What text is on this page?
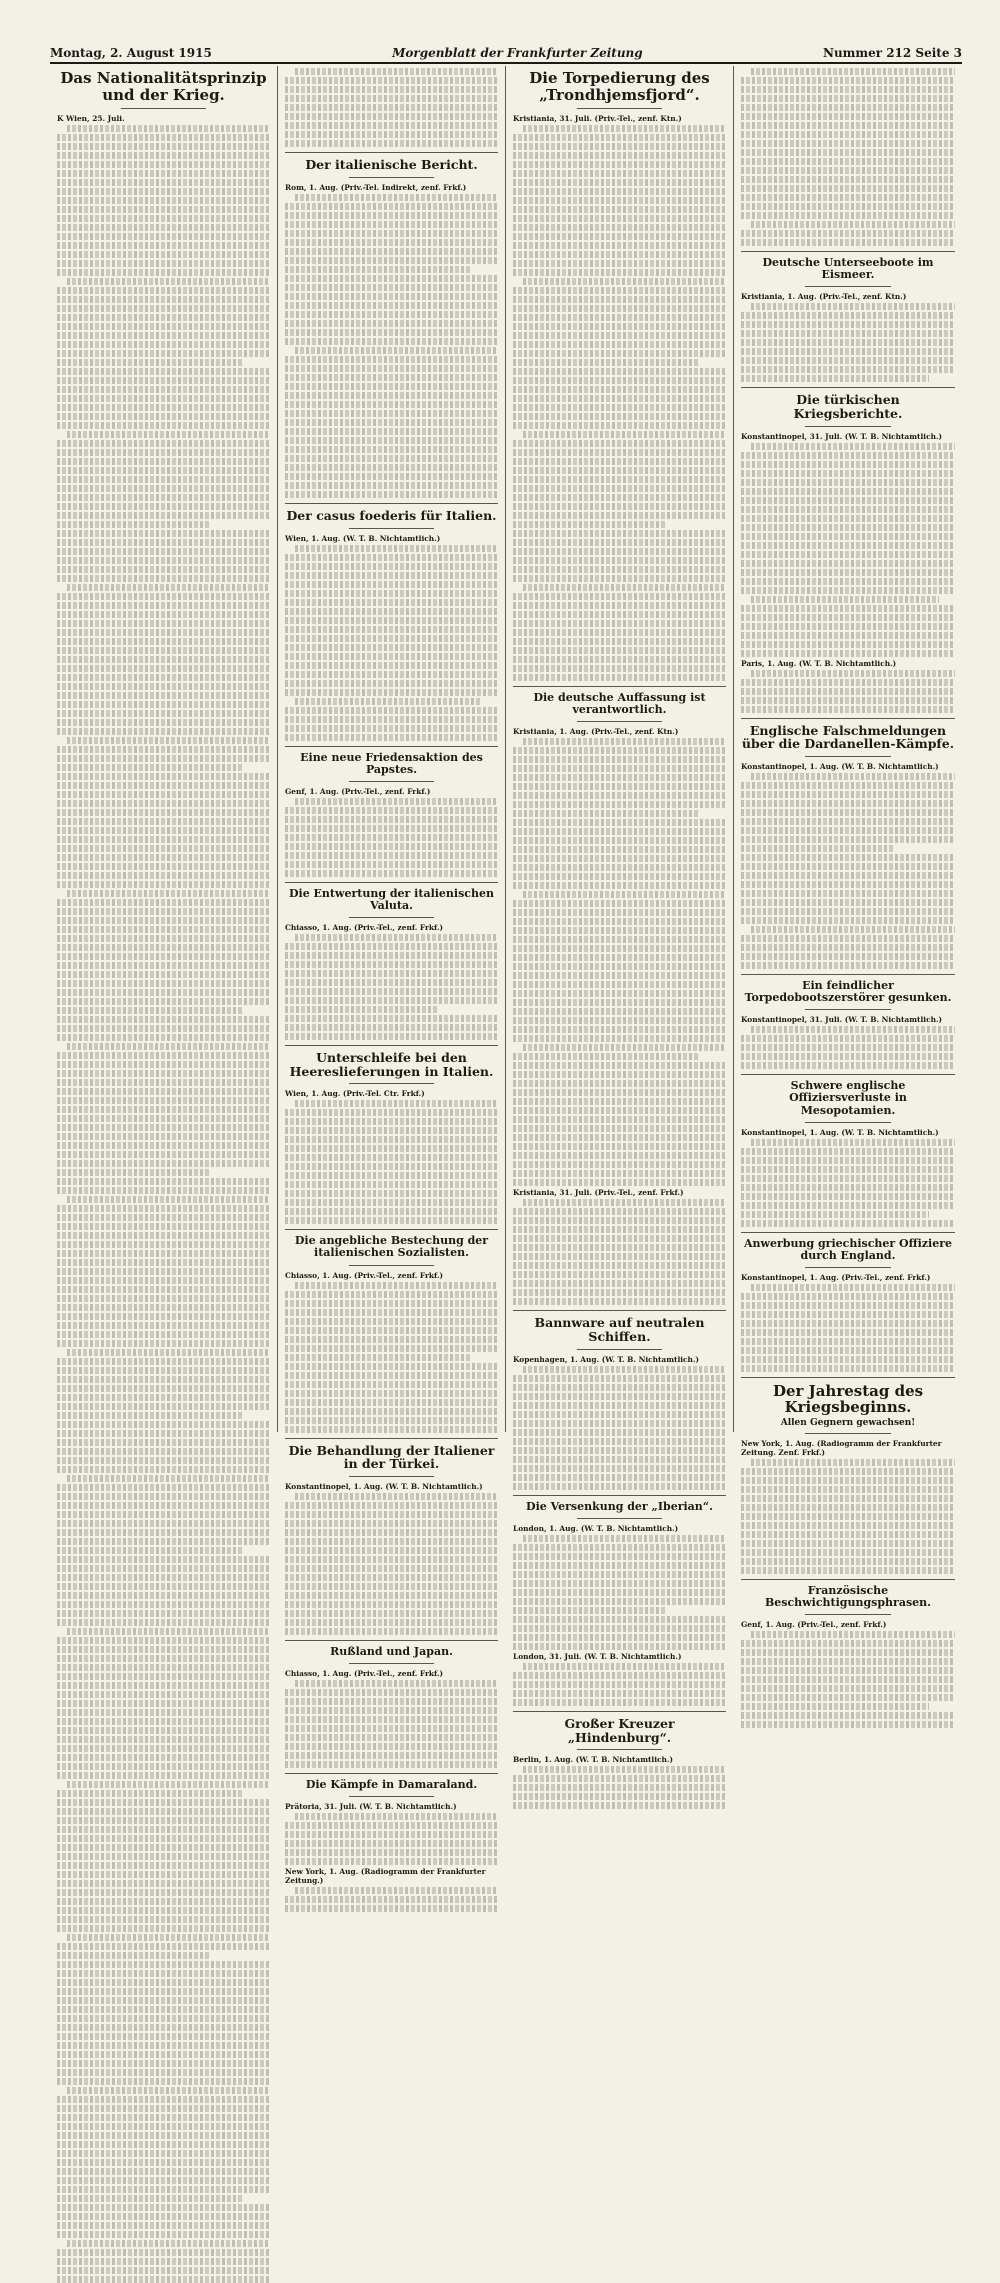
Montag, 2. August 1915	Morgenblatt der Frankfurter Zeitung	Nummer 212 Seite 3
Das Nationalitätsprinzip und der Krieg.
K Wien, 25. Juli.
Der italienische Bericht.
Rom, 1. Aug. (Priv.-Tel. Indirekt, zenf. Frkf.)
Der casus foederis für Italien.
Wien, 1. Aug. (W. T. B. Nichtamtlich.)
Eine neue Friedensaktion des Papstes.
Genf, 1. Aug. (Priv.-Tel., zenf. Frkf.)
Die Entwertung der italienischen Valuta.
Chiasso, 1. Aug. (Priv.-Tel., zenf. Frkf.)
Unterschleife bei den Heereslieferungen in Italien.
Wien, 1. Aug. (Priv.-Tel. Ctr. Frkf.)
Die angebliche Bestechung der italienischen Sozialisten.
Chiasso, 1. Aug. (Priv.-Tel., zenf. Frkf.)
Die Behandlung der Italiener in der Türkei.
Konstantinopel, 1. Aug. (W. T. B. Nichtamtlich.)
Rußland und Japan.
Chiasso, 1. Aug. (Priv.-Tel., zenf. Frkf.)
Die Kämpfe in Damaraland.
Prätoria, 31. Juli. (W. T. B. Nichtamtlich.)
New York, 1. Aug. (Radiogramm der Frankfurter Zeitung.)
Die Torpedierung des „Trondhjemsfjord“.
Kristiania, 31. Juli. (Priv.-Tel., zenf. Ktn.)
Die deutsche Auffassung ist verantwortlich.
Kristiania, 1. Aug. (Priv.-Tel., zenf. Ktn.)
Kristiania, 31. Juli. (Priv.-Tel., zenf. Frkf.)
Bannware auf neutralen Schiffen.
Kopenhagen, 1. Aug. (W. T. B. Nichtamtlich.)
Die Versenkung der „Iberian“.
London, 1. Aug. (W. T. B. Nichtamtlich.)
London, 31. Juli. (W. T. B. Nichtamtlich.)
Großer Kreuzer „Hindenburg“.
Berlin, 1. Aug. (W. T. B. Nichtamtlich.)
Deutsche Unterseeboote im Eismeer.
Kristiania, 1. Aug. (Priv.-Tel., zenf. Ktn.)
Die türkischen Kriegsberichte.
Konstantinopel, 31. Juli. (W. T. B. Nichtamtlich.)
Paris, 1. Aug. (W. T. B. Nichtamtlich.)
Englische Falschmeldungen über die Dardanellen-Kämpfe.
Konstantinopel, 1. Aug. (W. T. B. Nichtamtlich.)
Ein feindlicher Torpedobootszerstörer gesunken.
Konstantinopel, 31. Juli. (W. T. B. Nichtamtlich.)
Schwere englische Offiziersverluste in Mesopotamien.
Konstantinopel, 1. Aug. (W. T. B. Nichtamtlich.)
Anwerbung griechischer Offiziere durch England.
Konstantinopel, 1. Aug. (Priv.-Tel., zenf. Frkf.)
Der Jahrestag des Kriegsbeginns.
Allen Gegnern gewachsen!
New York, 1. Aug. (Radiogramm der Frankfurter Zeitung. Zenf. Frkf.)
Französische Beschwichtigungsphrasen.
Genf, 1. Aug. (Priv.-Tel., zenf. Frkf.)
